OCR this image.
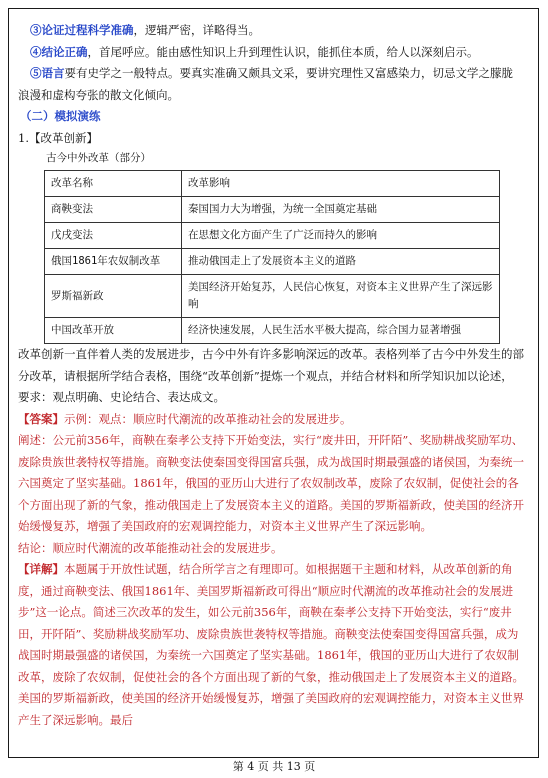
③论证过程科学准确，逻辑严密，详略得当。

④结论正确，首尾呼应。能由感性知识上升到理性认识，能抓住本质，给人以深刻启示。

⑤语言要有史学之一般特点。要真实准确又颇具文采，要讲究理性又富感染力，切忌文学之朦胧浪漫和虚构夸张的散文化倾向。

（二）模拟演练

1.【改革创新】

古今中外改革（部分）

改革名称	改革影响
商鞅变法	秦国国力大为增强，为统一全国奠定基础
戊戌变法	在思想文化方面产生了广泛而持久的影响
俄国1861年农奴制改革	推动俄国走上了发展资本主义的道路
罗斯福新政	美国经济开始复苏，人民信心恢复，对资本主义世界产生了深远影响
中国改革开放	经济快速发展，人民生活水平极大提高，综合国力显著增强

改革创新一直伴着人类的发展进步，古今中外有许多影响深远的改革。表格列举了古今中外发生的部分改革，请根据所学结合表格，围绕“改革创新”提炼一个观点，并结合材料和所学知识加以论述，要求：观点明确、史论结合、表达成文。

【答案】示例：观点：顺应时代潮流的改革推动社会的发展进步。

阐述：公元前356年，商鞅在秦孝公支持下开始变法，实行“废井田，开阡陌”、奖励耕战奖励军功、废除贵族世袭特权等措施。商鞅变法使秦国变得国富兵强，成为战国时期最强盛的诸侯国，为秦统一六国奠定了坚实基础。1861年，俄国的亚历山大进行了农奴制改革，废除了农奴制，促使社会的各个方面出现了新的气象，推动俄国走上了发展资本主义的道路。美国的罗斯福新政，使美国的经济开始缓慢复苏，增强了美国政府的宏观调控能力，对资本主义世界产生了深远影响。

结论：顺应时代潮流的改革能推动社会的发展进步。

【详解】本题属于开放性试题，结合所学言之有理即可。如根据题干主题和材料，从改革创新的角度，通过商鞅变法、俄国1861年、美国罗斯福新政可得出“顺应时代潮流的改革推动社会的发展进步”这一论点。简述三次改革的发生，如公元前356年，商鞅在秦孝公支持下开始变法，实行“废井田，开阡陌”、奖励耕战奖励军功、废除贵族世袭特权等措施。商鞅变法使秦国变得国富兵强，成为战国时期最强盛的诸侯国，为秦统一六国奠定了坚实基础。1861年，俄国的亚历山大进行了农奴制改革，废除了农奴制，促使社会的各个方面出现了新的气象，推动俄国走上了发展资本主义的道路。美国的罗斯福新政，使美国的经济开始缓慢复苏，增强了美国政府的宏观调控能力，对资本主义世界产生了深远影响。最后

第 4 页 共 13 页
